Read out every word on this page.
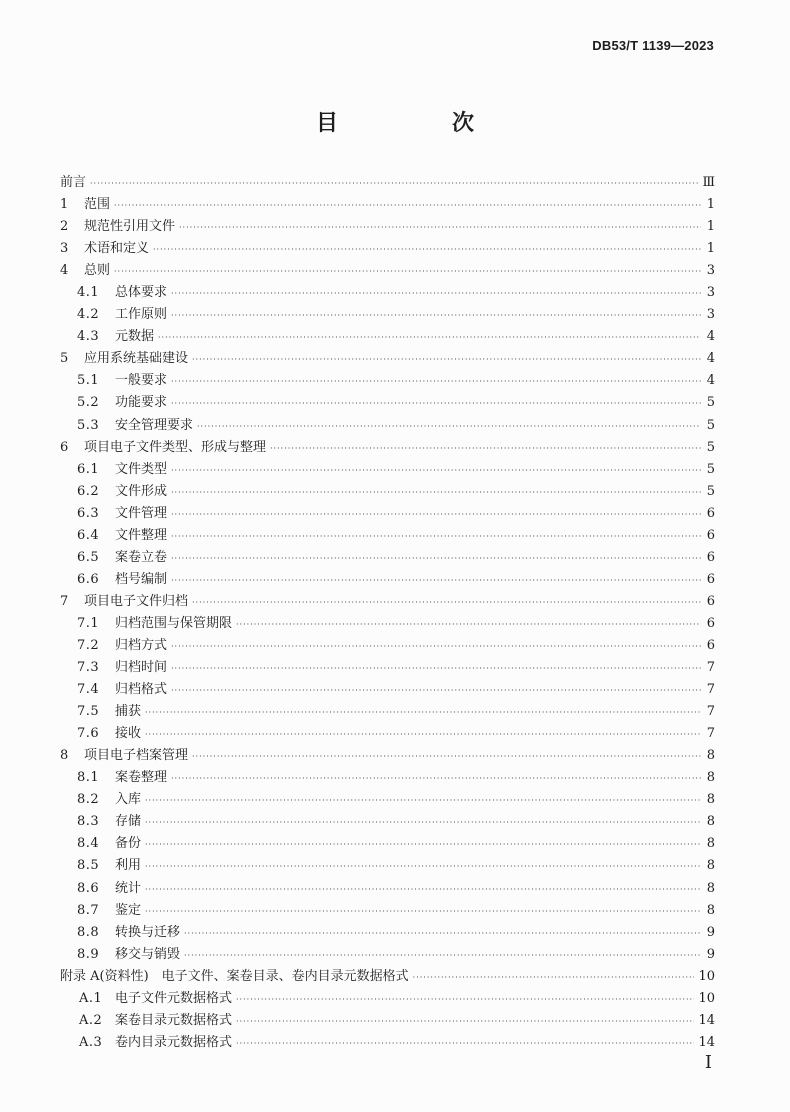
DB53/T 1139—2023
目　次
前言 ·····	Ⅲ
1	范围 ·····	1
2	规范性引用文件 ·····	1
3	术语和定义 ·····	1
4	总则 ·····	3
4.1	总体要求 ·····	3
4.2	工作原则 ·····	3
4.3	元数据 ·····	4
5	应用系统基础建设 ·····	4
5.1	一般要求 ·····	4
5.2	功能要求 ·····	5
5.3	安全管理要求 ·····	5
6	项目电子文件类型、形成与整理 ·····	5
6.1	文件类型 ·····	5
6.2	文件形成 ·····	5
6.3	文件管理 ·····	6
6.4	文件整理 ·····	6
6.5	案卷立卷 ·····	6
6.6	档号编制 ·····	6
7	项目电子文件归档 ·····	6
7.1	归档范围与保管期限 ·····	6
7.2	归档方式 ·····	6
7.3	归档时间 ·····	7
7.4	归档格式 ·····	7
7.5	捕获 ·····	7
7.6	接收 ·····	7
8	项目电子档案管理 ·····	8
8.1	案卷整理 ·····	8
8.2	入库 ·····	8
8.3	存储 ·····	8
8.4	备份 ·····	8
8.5	利用 ·····	8
8.6	统计 ·····	8
8.7	鉴定 ·····	8
8.8	转换与迁移 ·····	9
8.9	移交与销毁 ·····	9
附录 A(资料性)　电子文件、案卷目录、卷内目录元数据格式 ·····	10
A.1 电子文件元数据格式 ·····	10
A.2 案卷目录元数据格式 ·····	14
A.3 卷内目录元数据格式 ·····	14
I
